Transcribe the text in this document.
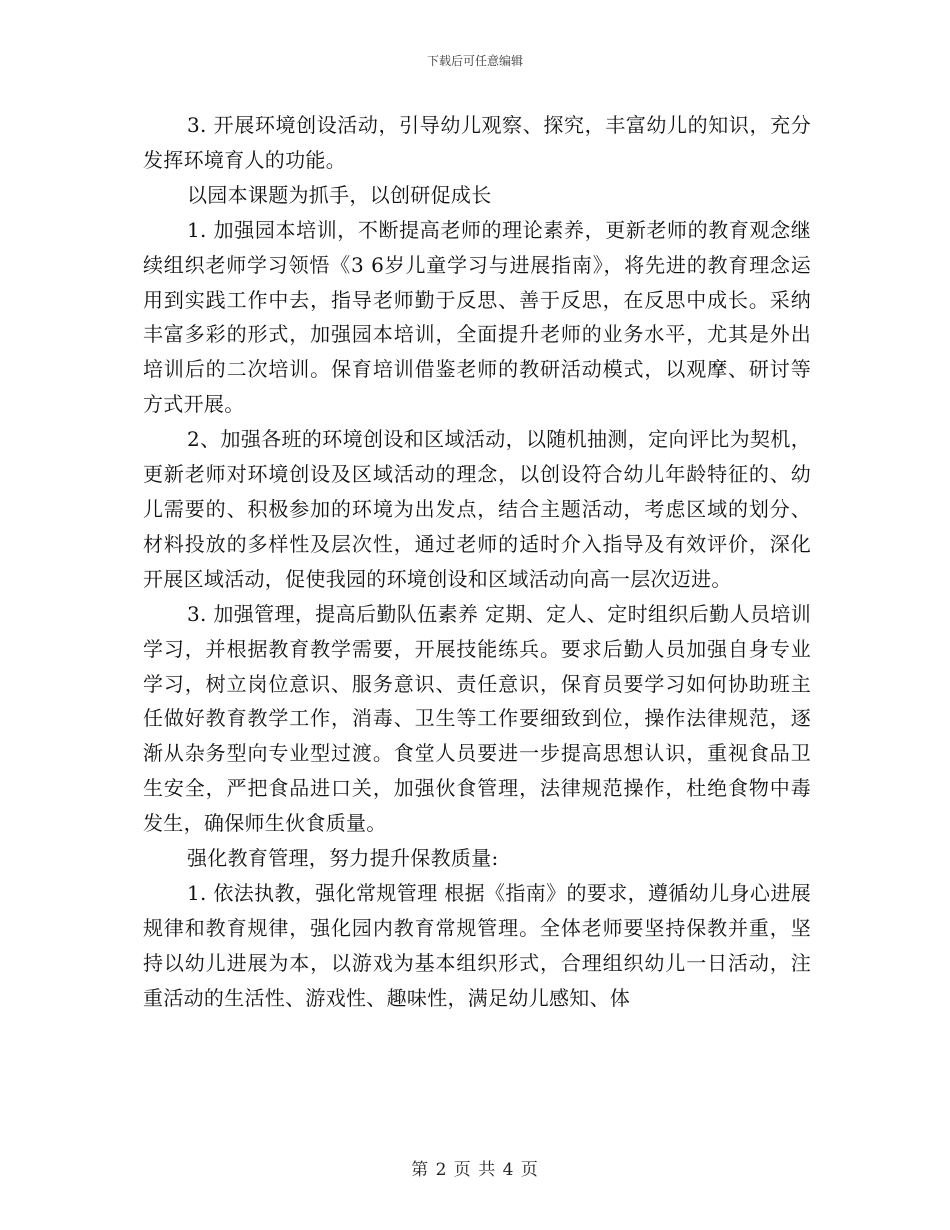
下载后可任意编辑

3. 开展环境创设活动，引导幼儿观察、探究，丰富幼儿的知识，充分发挥环境育人的功能。

以园本课题为抓手，以创研促成长

1. 加强园本培训，不断提高老师的理论素养，更新老师的教育观念继续组织老师学习领悟《3 6岁儿童学习与进展指南》，将先进的教育理念运用到实践工作中去，指导老师勤于反思、善于反思，在反思中成长。采纳丰富多彩的形式，加强园本培训，全面提升老师的业务水平，尤其是外出培训后的二次培训。保育培训借鉴老师的教研活动模式，以观摩、研讨等方式开展。

2、加强各班的环境创设和区域活动，以随机抽测，定向评比为契机，更新老师对环境创设及区域活动的理念，以创设符合幼儿年龄特征的、幼儿需要的、积极参加的环境为出发点，结合主题活动，考虑区域的划分、材料投放的多样性及层次性，通过老师的适时介入指导及有效评价，深化开展区域活动，促使我园的环境创设和区域活动向高一层次迈进。

3. 加强管理，提高后勤队伍素养 定期、定人、定时组织后勤人员培训学习，并根据教育教学需要，开展技能练兵。要求后勤人员加强自身专业学习，树立岗位意识、服务意识、责任意识，保育员要学习如何协助班主任做好教育教学工作，消毒、卫生等工作要细致到位，操作法律规范，逐渐从杂务型向专业型过渡。食堂人员要进一步提高思想认识，重视食品卫生安全，严把食品进口关，加强伙食管理，法律规范操作，杜绝食物中毒发生，确保师生伙食质量。

强化教育管理，努力提升保教质量:

1. 依法执教，强化常规管理 根据《指南》的要求，遵循幼儿身心进展规律和教育规律，强化园内教育常规管理。全体老师要坚持保教并重，坚持以幼儿进展为本，以游戏为基本组织形式，合理组织幼儿一日活动，注重活动的生活性、游戏性、趣味性，满足幼儿感知、体

第 2 页 共 4 页
